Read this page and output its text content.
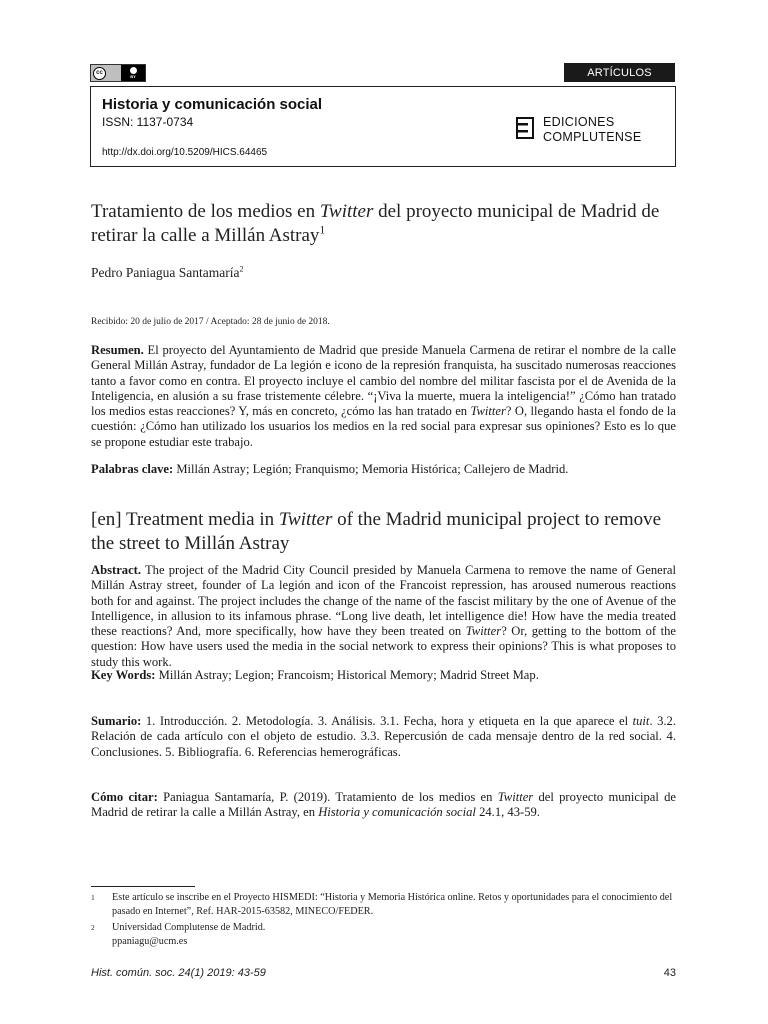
cc
BY	ARTÍCULOS
Historia y comunicación social
ISSN: 1137-0734
http://dx.doi.org/10.5209/HICS.64465
EDICIONES
COMPLUTENSE
Tratamiento de los medios en Twitter del proyecto municipal de Madrid de retirar la calle a Millán Astray$^1$
Pedro Paniagua Santamaría$^2$
Recibido: 20 de julio de 2017 / Aceptado: 28 de junio de 2018.
Resumen. El proyecto del Ayuntamiento de Madrid que preside Manuela Carmena de retirar el nombre de la calle General Millán Astray, fundador de La legión e icono de la represión franquista, ha suscitado numerosas reacciones tanto a favor como en contra. El proyecto incluye el cambio del nombre del militar fascista por el de Avenida de la Inteligencia, en alusión a su frase tristemente célebre. “¡Viva la muerte, muera la inteligencia!” ¿Cómo han tratado los medios estas reacciones? Y, más en concreto, ¿cómo las han tratado en Twitter? O, llegando hasta el fondo de la cuestión: ¿Cómo han utilizado los usuarios los medios en la red social para expresar sus opiniones? Esto es lo que se propone estudiar este trabajo.
Palabras clave: Millán Astray; Legión; Franquismo; Memoria Histórica; Callejero de Madrid.
[en] Treatment media in Twitter of the Madrid municipal project to remove the street to Millán Astray
Abstract. The project of the Madrid City Council presided by Manuela Carmena to remove the name of General Millán Astray street, founder of La legión and icon of the Francoist repression, has aroused numerous reactions both for and against. The project includes the change of the name of the fascist military by the one of Avenue of the Intelligence, in allusion to its infamous phrase. “Long live death, let intelligence die! How have the media treated these reactions? And, more specifically, how have they been treated on Twitter? Or, getting to the bottom of the question: How have users used the media in the social network to express their opinions? This is what proposes to study this work.
Key Words: Millán Astray; Legion; Francoism; Historical Memory; Madrid Street Map.
Sumario: 1. Introducción. 2. Metodología. 3. Análisis. 3.1. Fecha, hora y etiqueta en la que aparece el tuit. 3.2. Relación de cada artículo con el objeto de estudio. 3.3. Repercusión de cada mensaje dentro de la red social. 4. Conclusiones. 5. Bibliografía. 6. Referencias hemerográficas.
Cómo citar: Paniagua Santamaría, P. (2019). Tratamiento de los medios en Twitter del proyecto municipal de Madrid de retirar la calle a Millán Astray, en Historia y comunicación social 24.1, 43-59.
1 Este artículo se inscribe en el Proyecto HISMEDI: “Historia y Memoria Histórica online. Retos y oportunidades para el conocimiento del pasado en Internet”, Ref. HAR-2015-63582, MINECO/FEDER.
2 Universidad Complutense de Madrid.
ppaniagu@ucm.es
Hist. común. soc. 24(1) 2019: 43-59	43
